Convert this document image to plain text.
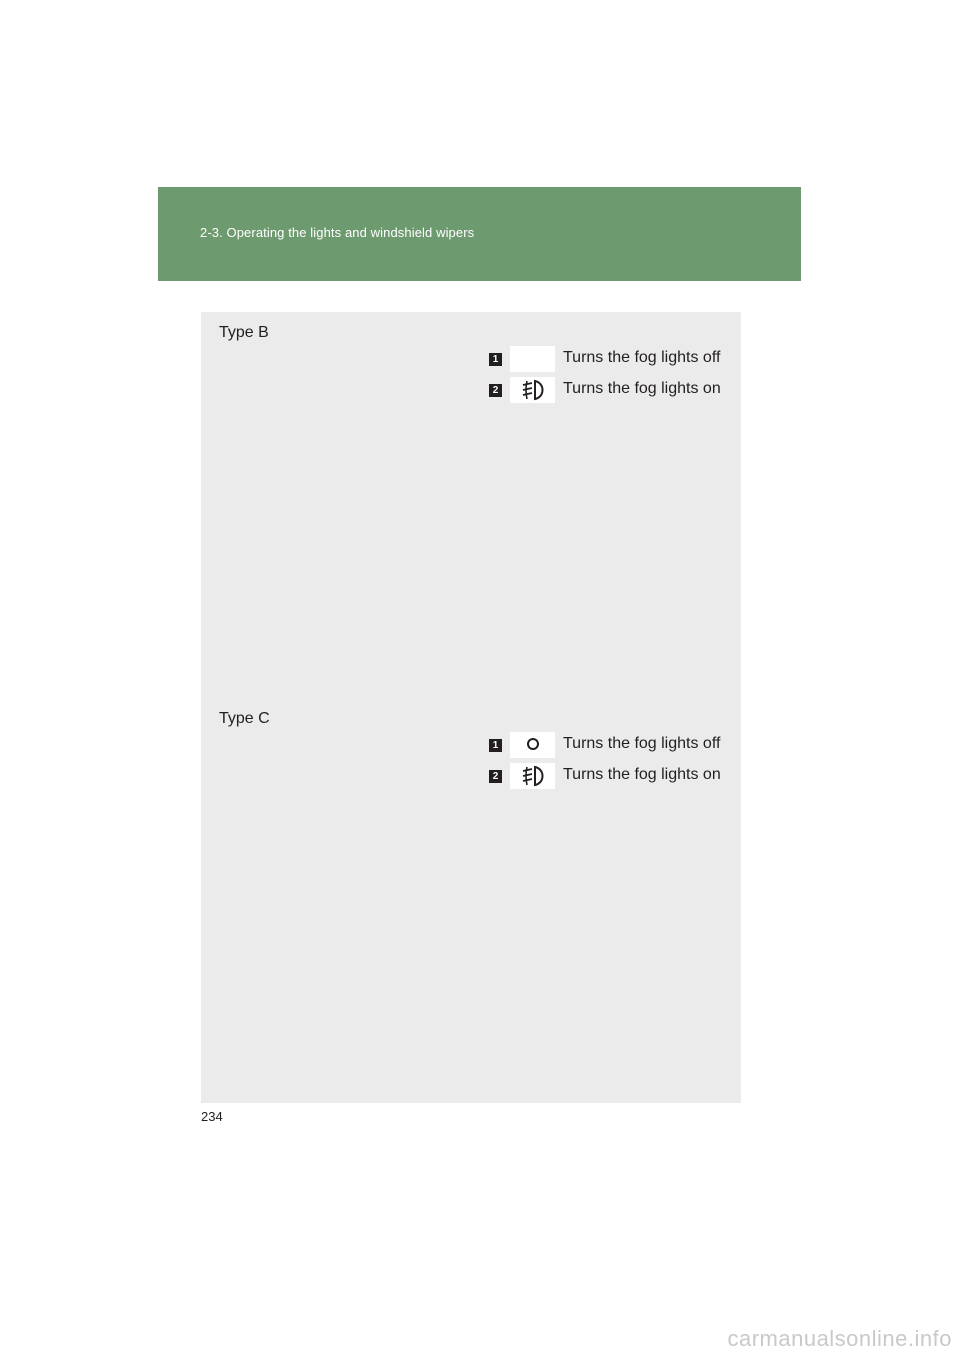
2-3. Operating the lights and windshield wipers
Type B
1	Turns the fog lights off
2	Turns the fog lights on
Type C
1	Turns the fog lights off
2	Turns the fog lights on
234
carmanualsonline.info
